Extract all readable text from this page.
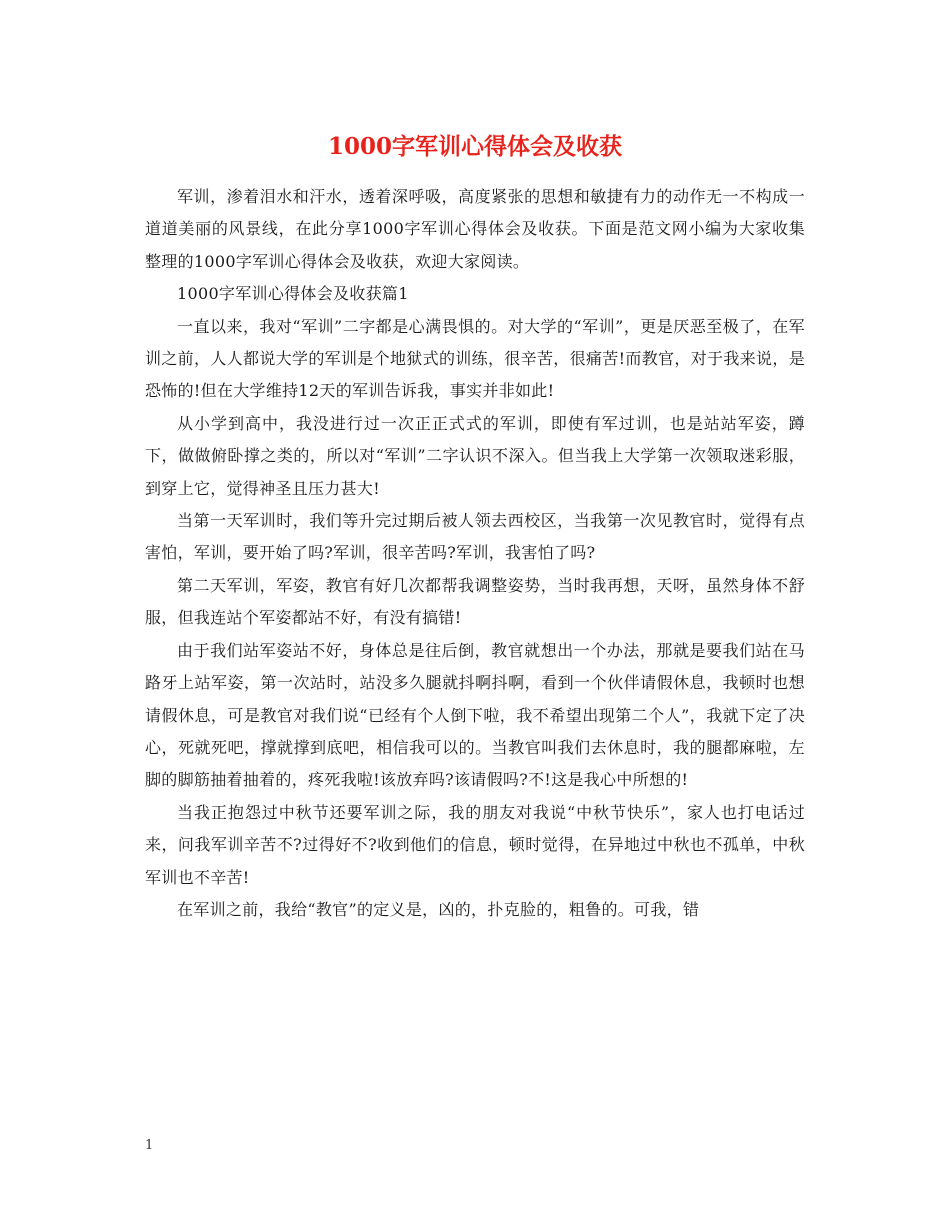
1000字军训心得体会及收获

军训，渗着泪水和汗水，透着深呼吸，高度紧张的思想和敏捷有力的动作无一不构成一道道美丽的风景线，在此分享1000字军训心得体会及收获。下面是范文网小编为大家收集整理的1000字军训心得体会及收获，欢迎大家阅读。

1000字军训心得体会及收获篇1

一直以来，我对“军训”二字都是心满畏惧的。对大学的“军训”，更是厌恶至极了，在军训之前，人人都说大学的军训是个地狱式的训练，很辛苦，很痛苦!而教官，对于我来说，是恐怖的!但在大学维持12天的军训告诉我，事实并非如此!

从小学到高中，我没进行过一次正正式式的军训，即使有军过训，也是站站军姿，蹲下，做做俯卧撑之类的，所以对“军训”二字认识不深入。但当我上大学第一次领取迷彩服，到穿上它，觉得神圣且压力甚大!

当第一天军训时，我们等升完过期后被人领去西校区，当我第一次见教官时，觉得有点害怕，军训，要开始了吗?军训，很辛苦吗?军训，我害怕了吗?

第二天军训，军姿，教官有好几次都帮我调整姿势，当时我再想，天呀，虽然身体不舒服，但我连站个军姿都站不好，有没有搞错!

由于我们站军姿站不好，身体总是往后倒，教官就想出一个办法，那就是要我们站在马路牙上站军姿，第一次站时，站没多久腿就抖啊抖啊，看到一个伙伴请假休息，我顿时也想请假休息，可是教官对我们说“已经有个人倒下啦，我不希望出现第二个人”，我就下定了决心，死就死吧，撑就撑到底吧，相信我可以的。当教官叫我们去休息时，我的腿都麻啦，左脚的脚筋抽着抽着的，疼死我啦!该放弃吗?该请假吗?不!这是我心中所想的!

当我正抱怨过中秋节还要军训之际，我的朋友对我说“中秋节快乐”，家人也打电话过来，问我军训辛苦不?过得好不?收到他们的信息，顿时觉得，在异地过中秋也不孤单，中秋军训也不辛苦!

在军训之前，我给“教官”的定义是，凶的，扑克脸的，粗鲁的。可我，错

1
